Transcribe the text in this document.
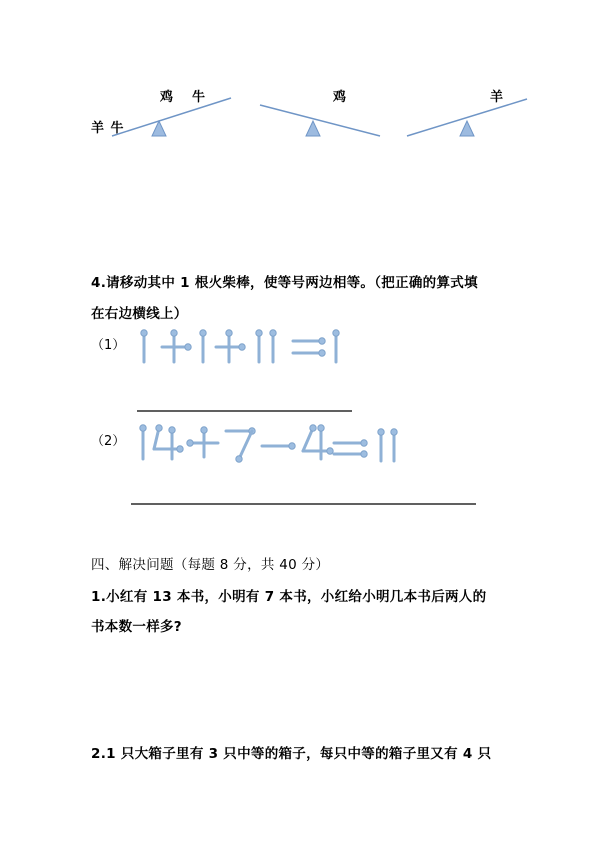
鸡 牛
羊 牛
鸡	羊
4.请移动其中 1 根火柴棒，使等号两边相等。（把正确的算式填
在右边横线上）
（1）
（2）
四、解决问题（每题 8 分，共 40 分）
1.小红有 13 本书，小明有 7 本书，小红给小明几本书后两人的
书本数一样多?
2.1 只大箱子里有 3 只中等的箱子，每只中等的箱子里又有 4 只
